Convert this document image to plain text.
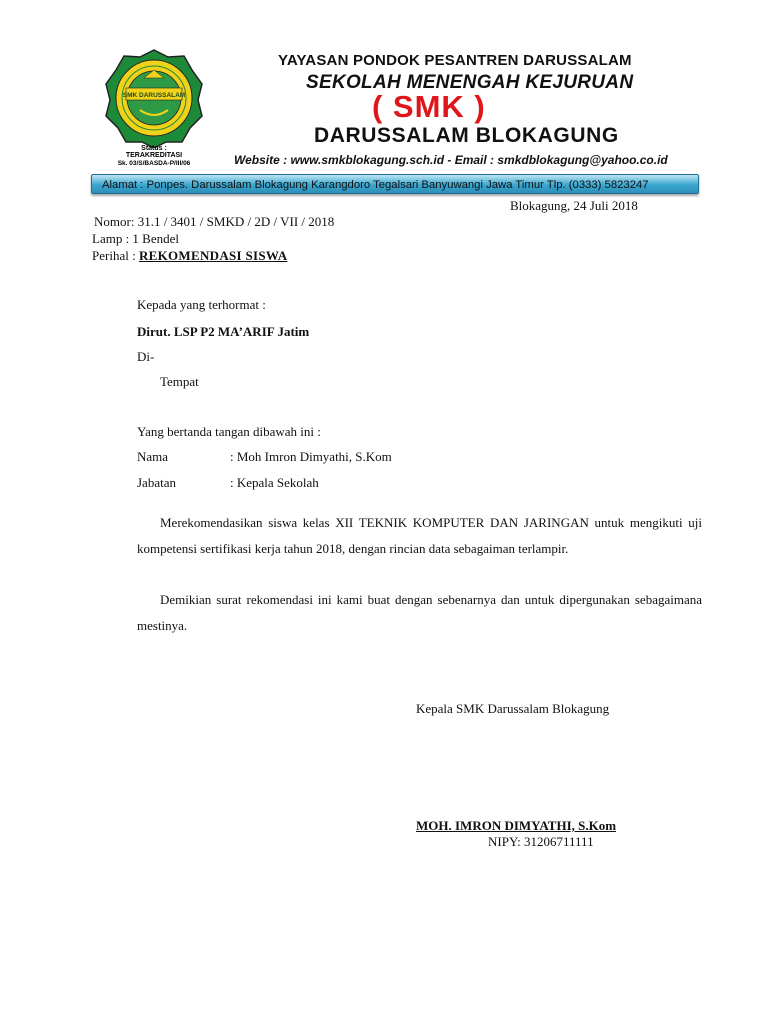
SMK DARUSSALAM
Status :
TERAKREDITASI
Sk. 03/S/BASDA-P/III/06
YAYASAN PONDOK PESANTREN DARUSSALAM
SEKOLAH MENENGAH KEJURUAN
( SMK )
DARUSSALAM BLOKAGUNG
Website : www.smkblokagung.sch.id - Email : smkdblokagung@yahoo.co.id
Alamat : Ponpes. Darussalam Blokagung Karangdoro Tegalsari Banyuwangi Jawa Timur Tlp. (0333) 5823247
Blokagung, 24 Juli 2018
Nomor: 31.1 / 3401 / SMKD / 2D / VII / 2018
Lamp : 1 Bendel
Perihal : REKOMENDASI SISWA
Kepada yang terhormat :
Dirut. LSP P2 MA’ARIF Jatim
Di-
Tempat
Yang bertanda tangan dibawah ini :
Nama	: Moh Imron Dimyathi, S.Kom
Jabatan	: Kepala Sekolah
Merekomendasikan siswa kelas XII TEKNIK KOMPUTER DAN JARINGAN untuk mengikuti uji kompetensi sertifikasi kerja tahun 2018, dengan rincian data sebagaiman terlampir.
Demikian surat rekomendasi ini kami buat dengan sebenarnya dan untuk dipergunakan sebagaimana mestinya.
Kepala SMK Darussalam Blokagung
MOH. IMRON DIMYATHI, S.Kom
NIPY: 31206711111
